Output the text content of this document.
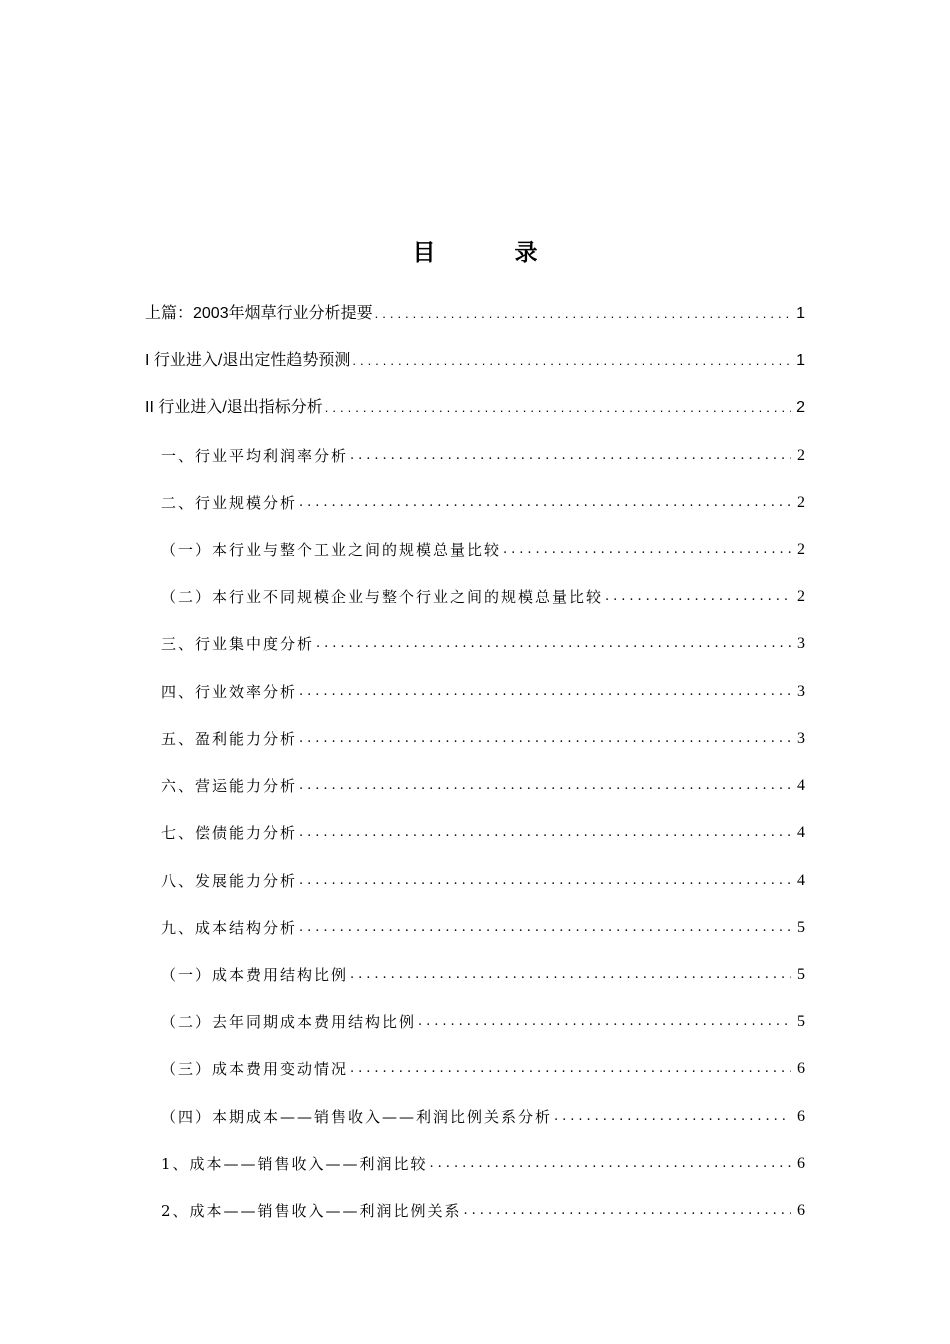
目　录
上篇：2003年烟草行业分析提要 .....	1
I 行业进入/退出定性趋势预测 .....	1
II 行业进入/退出指标分析 .....	2
一、行业平均利润率分析 .....	2
二、行业规模分析 .....	2
（一）本行业与整个工业之间的规模总量比较 .....	2
（二）本行业不同规模企业与整个行业之间的规模总量比较 .....	2
三、行业集中度分析 .....	3
四、行业效率分析 .....	3
五、盈利能力分析 .....	3
六、营运能力分析 .....	4
七、偿债能力分析 .....	4
八、发展能力分析 .....	4
九、成本结构分析 .....	5
（一）成本费用结构比例 .....	5
（二）去年同期成本费用结构比例 .....	5
（三）成本费用变动情况 .....	6
（四）本期成本——销售收入——利润比例关系分析 .....	6
1、成本——销售收入——利润比较 .....	6
2、成本——销售收入——利润比例关系 .....	6
